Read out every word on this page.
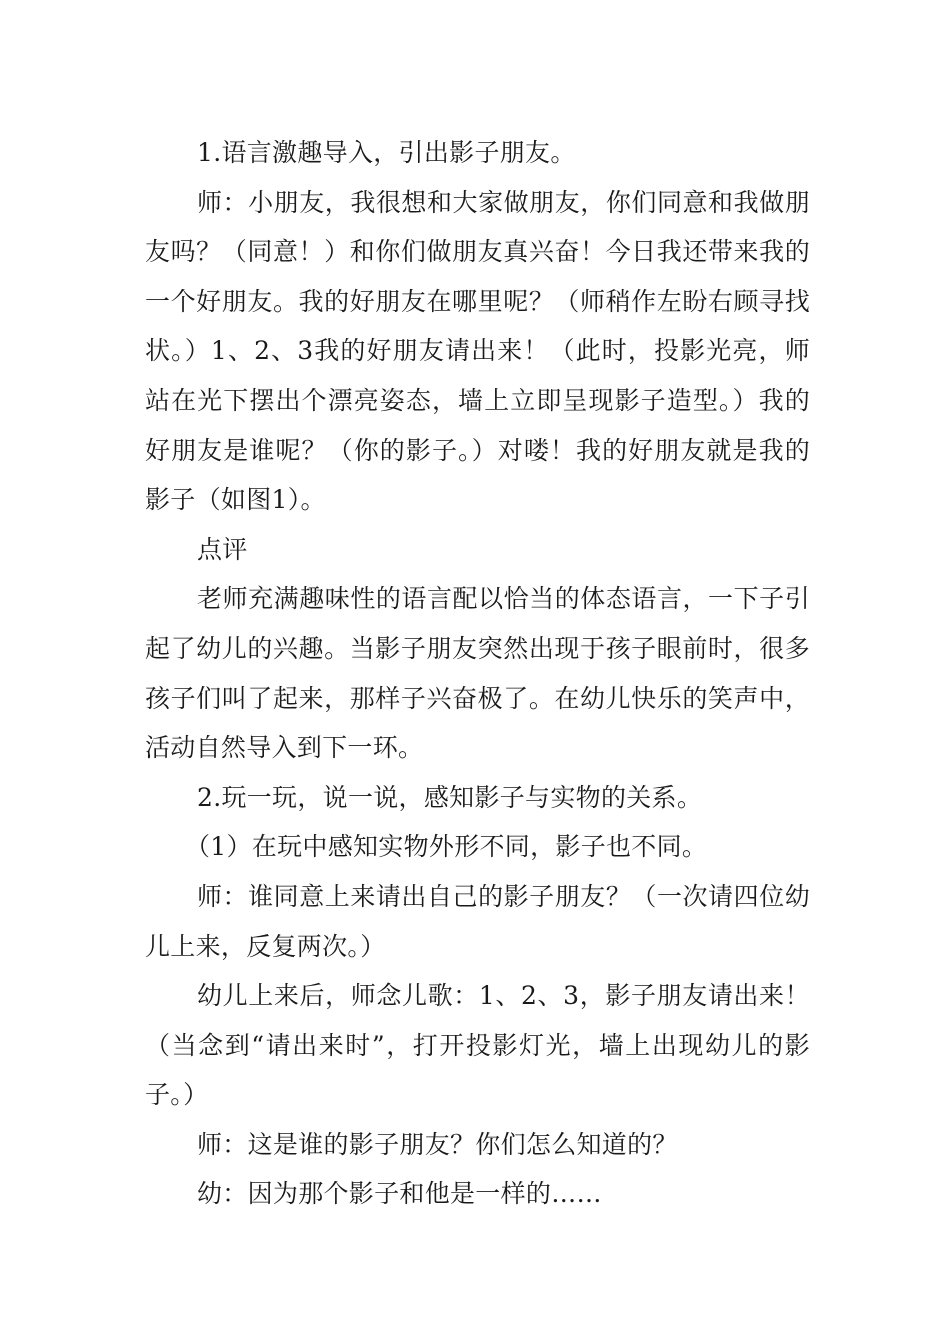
1.语言激趣导入，引出影子朋友。

师：小朋友，我很想和大家做朋友，你们同意和我做朋友吗？（同意！）和你们做朋友真兴奋！今日我还带来我的一个好朋友。我的好朋友在哪里呢？（师稍作左盼右顾寻找状。）1、2、3我的好朋友请出来！（此时，投影光亮，师站在光下摆出个漂亮姿态，墙上立即呈现影子造型。）我的好朋友是谁呢？（你的影子。）对喽！我的好朋友就是我的影子（如图1）。

点评

老师充满趣味性的语言配以恰当的体态语言，一下子引起了幼儿的兴趣。当影子朋友突然出现于孩子眼前时，很多孩子们叫了起来，那样子兴奋极了。在幼儿快乐的笑声中，活动自然导入到下一环。

2.玩一玩，说一说，感知影子与实物的关系。

（1）在玩中感知实物外形不同，影子也不同。

师：谁同意上来请出自己的影子朋友？（一次请四位幼儿上来，反复两次。）

幼儿上来后，师念儿歌：1、2、3，影子朋友请出来！（当念到“请出来时”，打开投影灯光，墙上出现幼儿的影子。）

师：这是谁的影子朋友？你们怎么知道的？

幼：因为那个影子和他是一样的……
